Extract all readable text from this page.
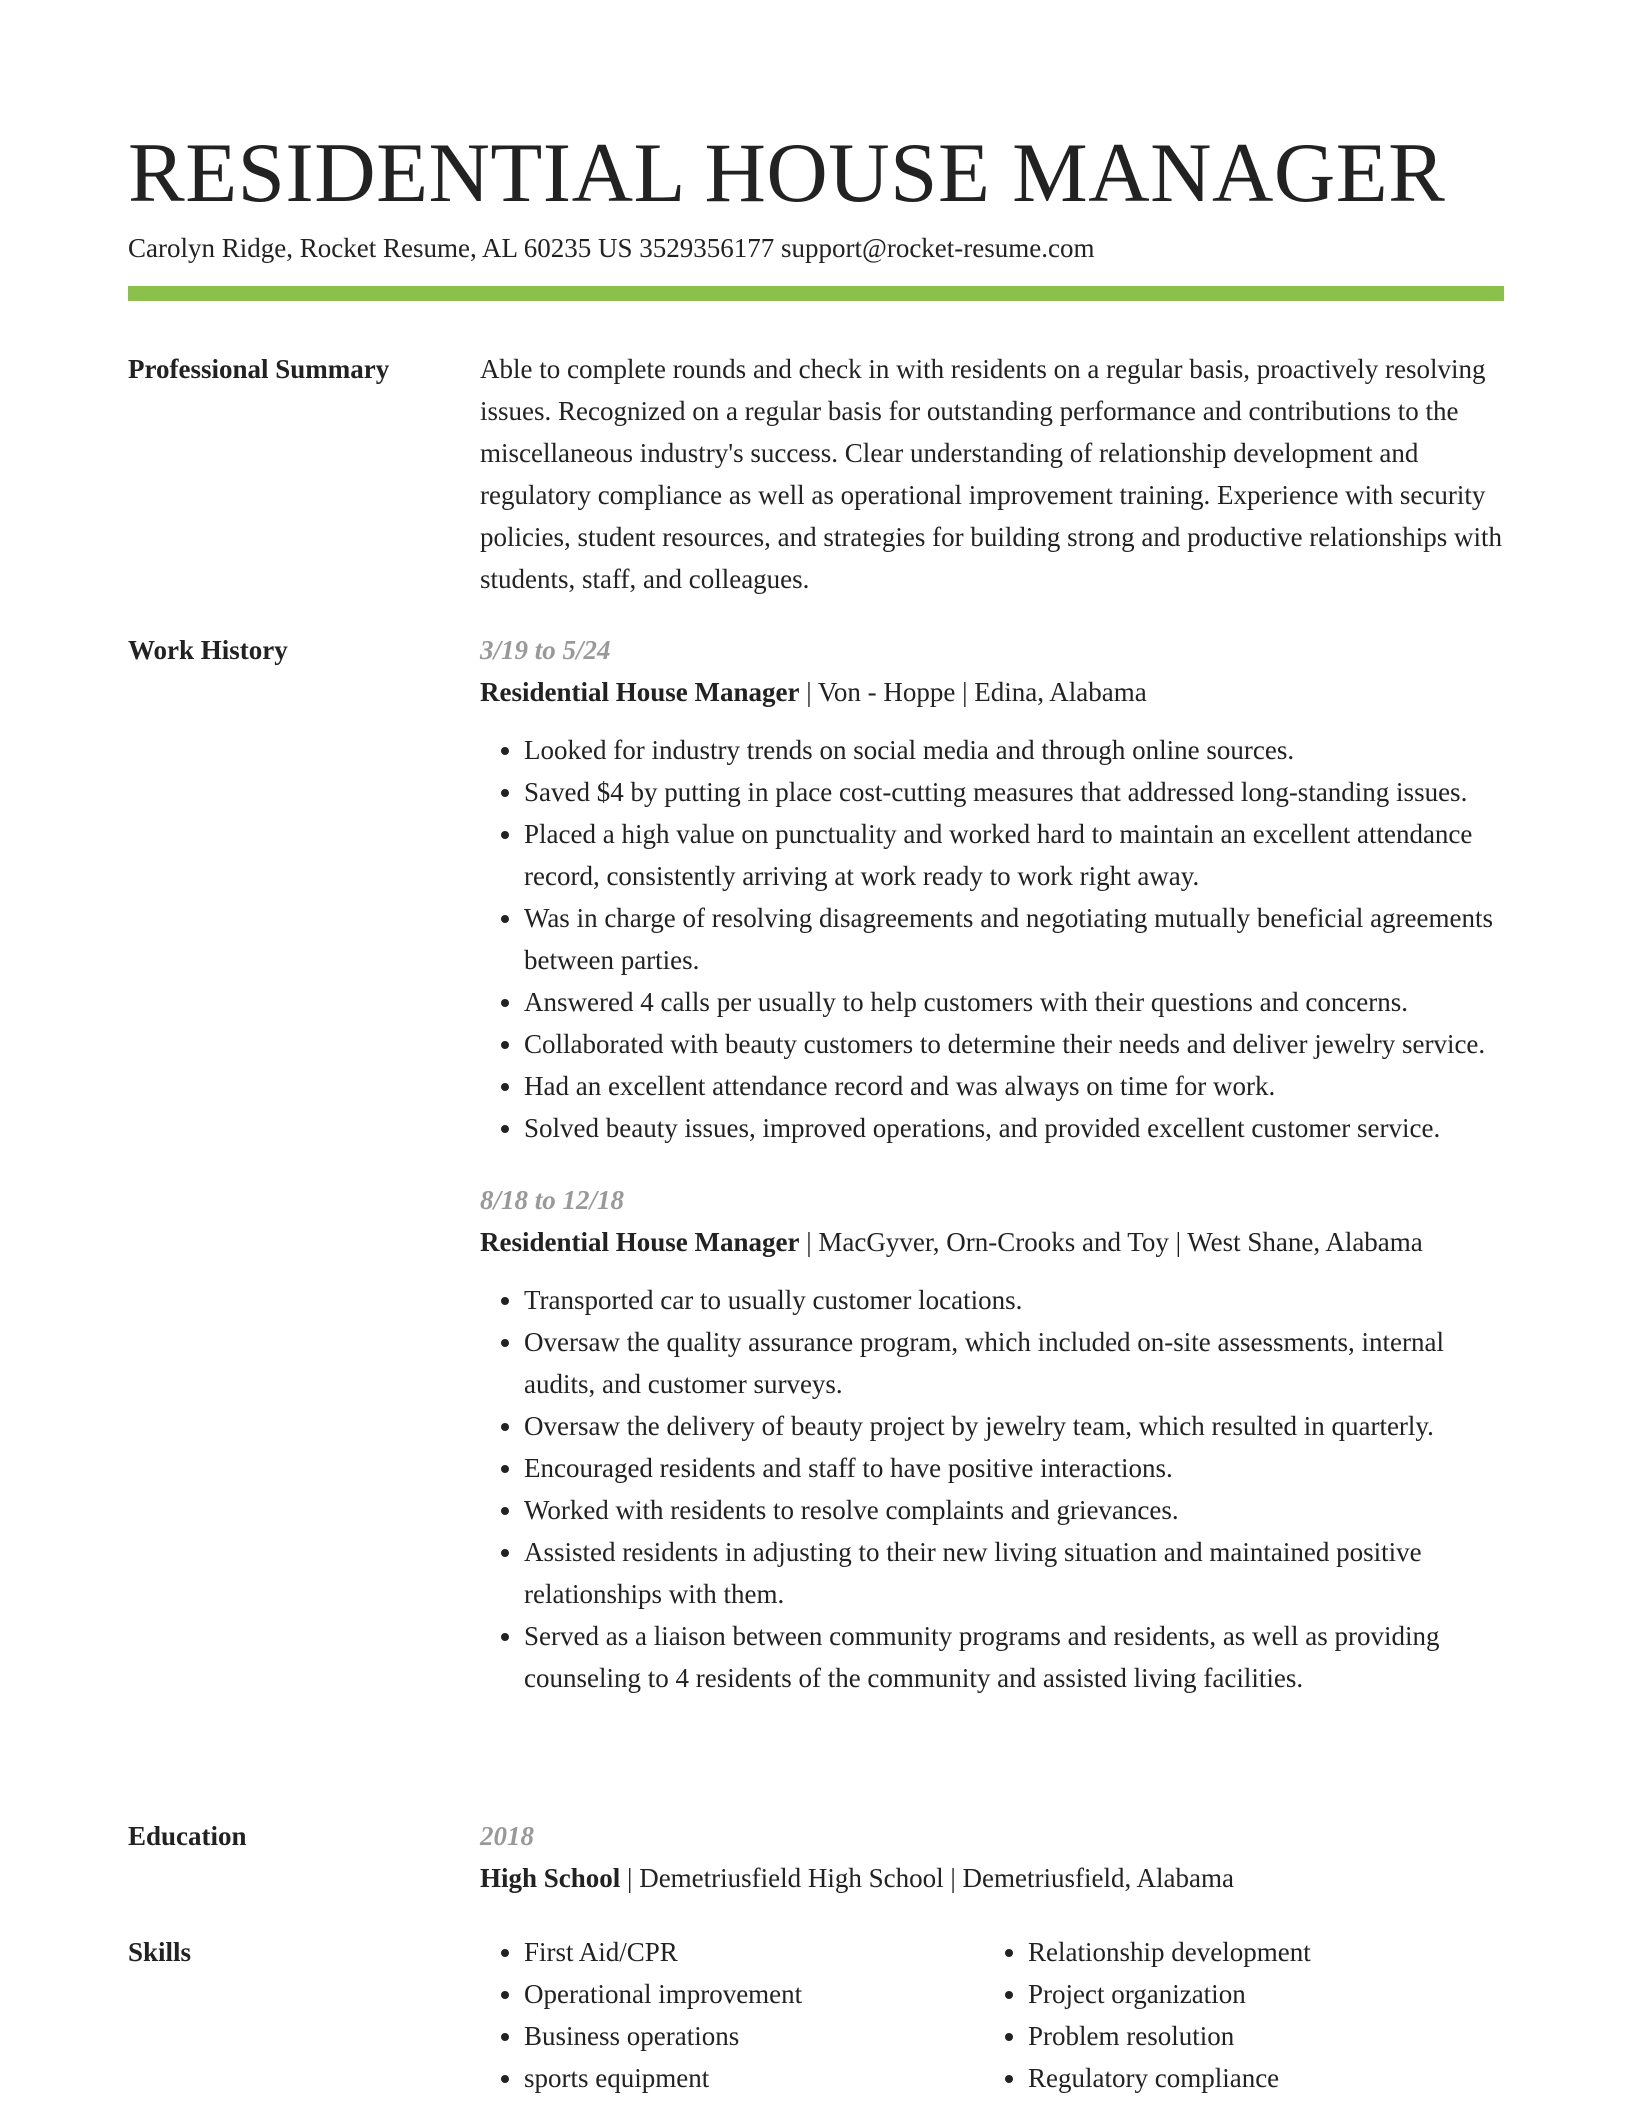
RESIDENTIAL HOUSE MANAGER
Carolyn Ridge, Rocket Resume, AL 60235 US 3529356177 support@rocket-resume.com
Professional Summary	Able to complete rounds and check in with residents on a regular basis, proactively resolving issues. Recognized on a regular basis for outstanding performance and contributions to the miscellaneous industry's success. Clear understanding of relationship development and regulatory compliance as well as operational improvement training. Experience with security policies, student resources, and strategies for building strong and productive relationships with students, staff, and colleagues.

Work History	3/19 to 5/24
Residential House Manager | Von - Hoppe | Edina, Alabama
• Looked for industry trends on social media and through online sources.
• Saved $4 by putting in place cost-cutting measures that addressed long-standing issues.
• Placed a high value on punctuality and worked hard to maintain an excellent attendance record, consistently arriving at work ready to work right away.
• Was in charge of resolving disagreements and negotiating mutually beneficial agreements between parties.
• Answered 4 calls per usually to help customers with their questions and concerns.
• Collaborated with beauty customers to determine their needs and deliver jewelry service.
• Had an excellent attendance record and was always on time for work.
• Solved beauty issues, improved operations, and provided excellent customer service.
8/18 to 12/18
Residential House Manager | MacGyver, Orn-Crooks and Toy | West Shane, Alabama
• Transported car to usually customer locations.
• Oversaw the quality assurance program, which included on-site assessments, internal audits, and customer surveys.
• Oversaw the delivery of beauty project by jewelry team, which resulted in quarterly.
• Encouraged residents and staff to have positive interactions.
• Worked with residents to resolve complaints and grievances.
• Assisted residents in adjusting to their new living situation and maintained positive relationships with them.
• Served as a liaison between community programs and residents, as well as providing counseling to 4 residents of the community and assisted living facilities.
Education	2018
High School | Demetriusfield High School | Demetriusfield, Alabama
Skills
•	First Aid/CPR
• Operational improvement
• Business operations
• sports equipment
• Relationship development
• Project organization
• Problem resolution
• Regulatory compliance
